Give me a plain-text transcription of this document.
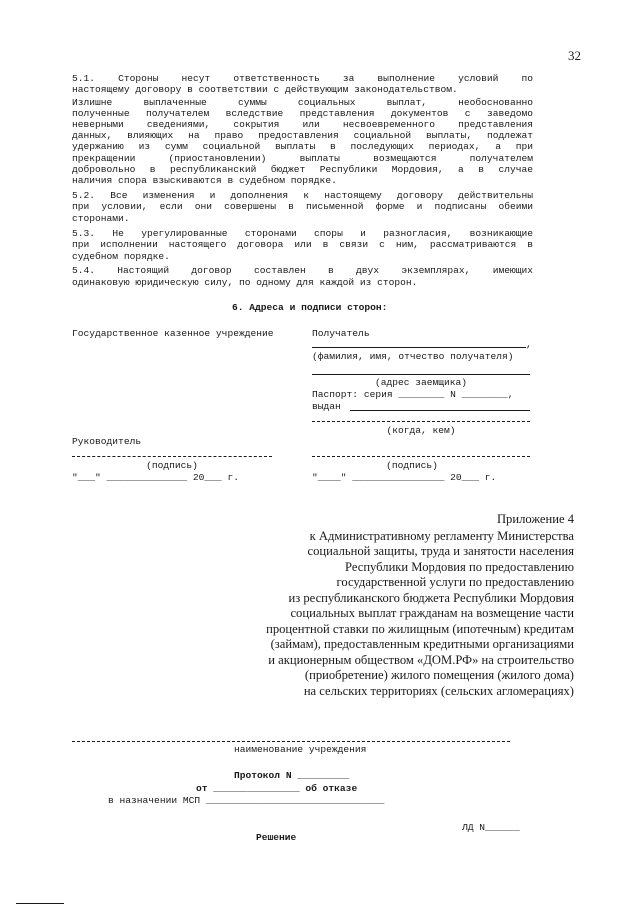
32
5.1. Стороны несут ответственность за выполнение условий по
настоящему договору в соответствии с действующим законодательством.
Излишне выплаченные суммы социальных выплат, необоснованно
полученные получателем вследствие представления документов с заведомо
неверными сведениями, сокрытия или несвоевременного представления
данных, влияющих на право предоставления социальной выплаты, подлежат
удержанию из сумм социальной выплаты в последующих периодах, а при
прекращении (приостановлении) выплаты возмещаются получателем
добровольно в республиканский бюджет Республики Мордовия, а в случае
наличия спора взыскиваются в судебном порядке.
5.2. Все изменения и дополнения к настоящему договору действительны
при условии, если они совершены в письменной форме и подписаны обеими
сторонами.
5.3. Не урегулированные сторонами споры и разногласия, возникающие
при исполнении настоящего договора или в связи с ним, рассматриваются в
судебном порядке.
5.4. Настоящий договор составлен в двух экземплярах, имеющих
одинаковую юридическую силу, по одному для каждой из сторон.
6. Адреса и подписи сторон:
Государственное казенное учреждение	Получатель
,
(фамилия, имя, отчество получателя)
(адрес заемщика)
Паспорт: серия ________ N ________,
выдан
(когда, кем)
Руководитель
(подпись)	(подпись)
"___" ______________ 20___ г.	"____" ________________ 20___ г.
Приложение 4
к Административному регламенту Министерства
социальной защиты, труда и занятости населения
Республики Мордовия по предоставлению
государственной услуги по предоставлению
из республиканского бюджета Республики Мордовия
социальных выплат гражданам на возмещение части
процентной ставки по жилищным (ипотечным) кредитам
(займам), предоставленным кредитными организациями
и акционерным обществом «ДОМ.РФ» на строительство
(приобретение) жилого помещения (жилого дома)
на сельских территориях (сельских агломерациях)
наименование учреждения
Протокол N _________
от _______________ об отказе
в назначении МСП _______________________________
ЛД N______
Решение
